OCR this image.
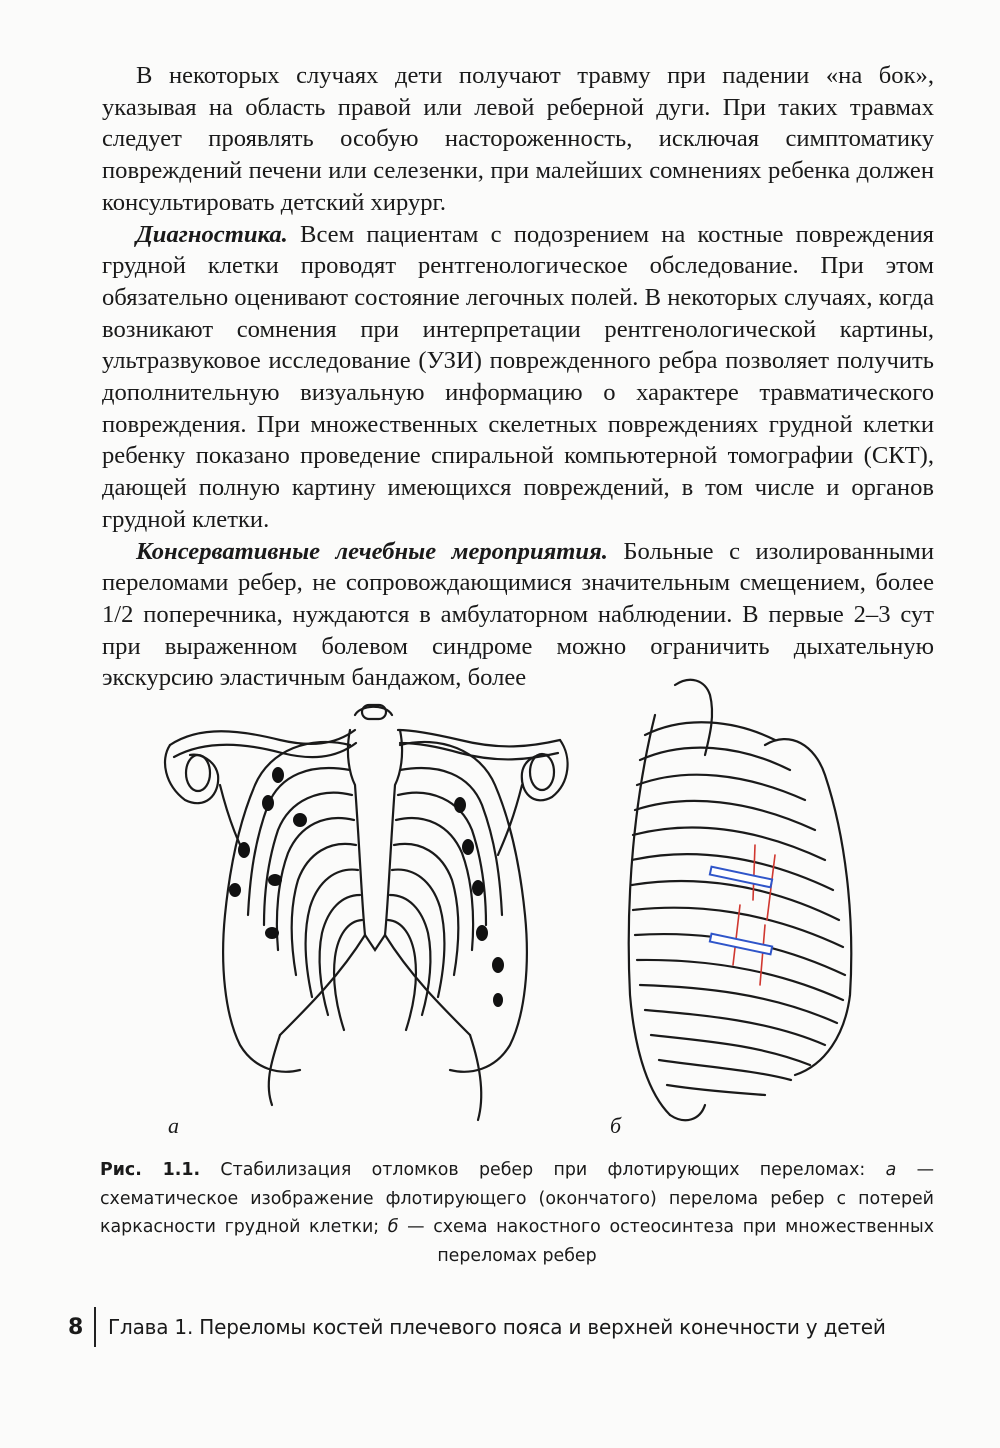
В некоторых случаях дети получают травму при падении «на бок», указывая на область правой или левой реберной дуги. При таких травмах следует проявлять особую настороженность, исключая симптоматику повреждений печени или селезенки, при малейших сомнениях ребенка должен консультировать детский хирург.

Диагностика. Всем пациентам с подозрением на костные повреждения грудной клетки проводят рентгенологическое обследование. При этом обязательно оценивают состояние легочных полей. В некоторых случаях, когда возникают сомнения при интерпретации рентгенологической картины, ультразвуковое исследование (УЗИ) поврежденного ребра позволяет получить дополнительную визуальную информацию о характере травматического повреждения. При множественных скелетных повреждениях грудной клетки ребенку показано проведение спиральной компьютерной томографии (СКТ), дающей полную картину имеющихся повреждений, в том числе и органов грудной клетки.

Консервативные лечебные мероприятия. Больные с изолированными переломами ребер, не сопровождающимися значительным смещением, более 1/2 поперечника, нуждаются в амбулаторном наблюдении. В первые 2–3 сут при выраженном болевом синдроме можно ограничить дыхательную экскурсию эластичным бандажом, более

а	б
Рис. 1.1. Стабилизация отломков ребер при флотирующих переломах: а — схематическое изображение флотирующего (окончатого) перелома ребер с потерей каркасности грудной клетки; б — схема накостного остеосинтеза при множественных переломах ребер
8 Глава 1. Переломы костей плечевого пояса и верхней конечности у детей
